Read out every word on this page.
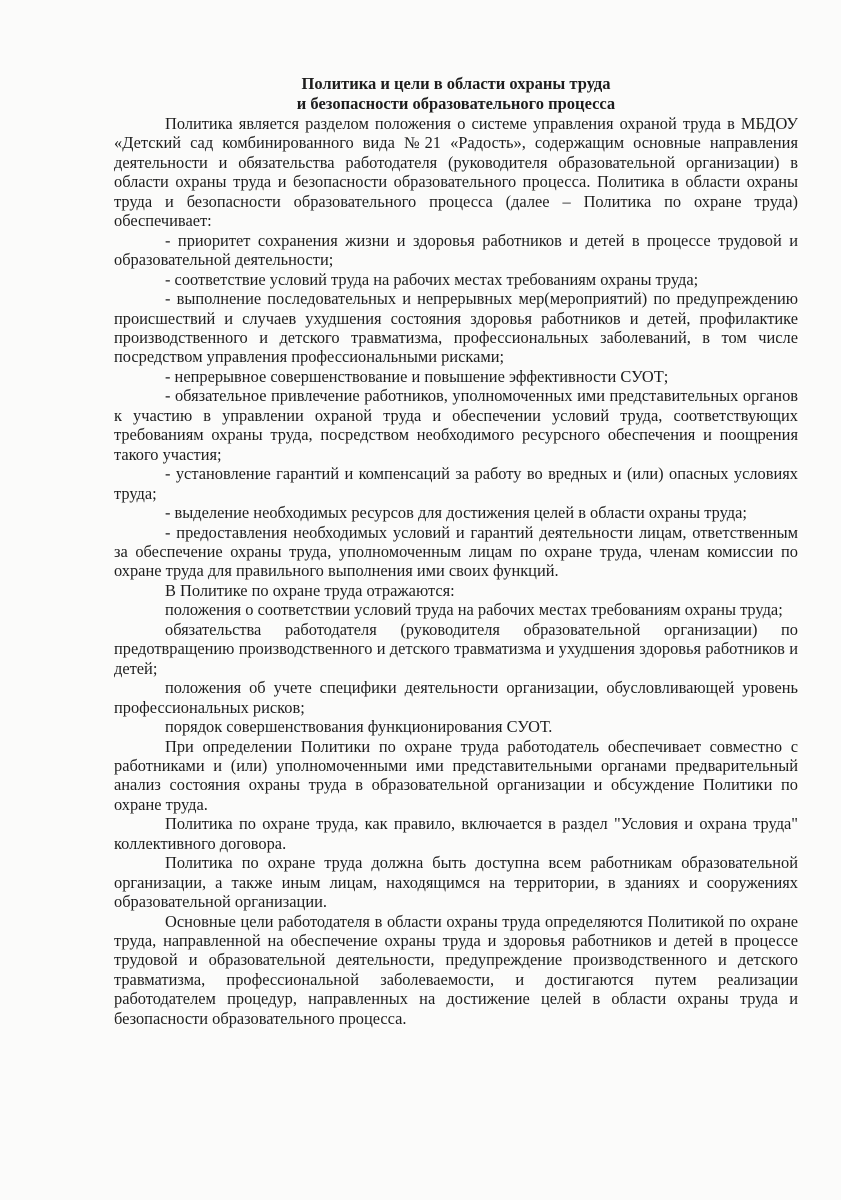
Политика и цели в области охраны труда
и безопасности образовательного процесса

Политика является разделом положения о системе управления охраной труда в МБДОУ «Детский сад комбинированного вида №21 «Радость», содержащим основные направления деятельности и обязательства работодателя (руководителя образовательной организации) в области охраны труда и безопасности образовательного процесса. Политика в области охраны труда и безопасности образовательного процесса (далее – Политика по охране труда) обеспечивает:

- приоритет сохранения жизни и здоровья работников и детей в процессе трудовой и образовательной деятельности;

- соответствие условий труда на рабочих местах требованиям охраны труда;

- выполнение последовательных и непрерывных мер(мероприятий) по предупреждению происшествий и случаев ухудшения состояния здоровья работников и детей, профилактике производственного и детского травматизма, профессиональных заболеваний, в том числе посредством управления профессиональными рисками;

- непрерывное совершенствование и повышение эффективности СУОТ;

- обязательное привлечение работников, уполномоченных ими представительных органов к участию в управлении охраной труда и обеспечении условий труда, соответствующих требованиям охраны труда, посредством необходимого ресурсного обеспечения и поощрения такого участия;

- установление гарантий и компенсаций за работу во вредных и (или) опасных условиях труда;

- выделение необходимых ресурсов для достижения целей в области охраны труда;

- предоставления необходимых условий и гарантий деятельности лицам, ответственным за обеспечение охраны труда, уполномоченным лицам по охране труда, членам комиссии по охране труда для правильного выполнения ими своих функций.

В Политике по охране труда отражаются:

положения о соответствии условий труда на рабочих местах требованиям охраны труда;

обязательства работодателя (руководителя образовательной организации) по предотвращению производственного и детского травматизма и ухудшения здоровья работников и детей;

положения об учете специфики деятельности организации, обусловливающей уровень профессиональных рисков;

порядок совершенствования функционирования СУОТ.

При определении Политики по охране труда работодатель обеспечивает совместно с работниками и (или) уполномоченными ими представительными органами предварительный анализ состояния охраны труда в образовательной организации и обсуждение Политики по охране труда.

Политика по охране труда, как правило, включается в раздел "Условия и охрана труда" коллективного договора.

Политика по охране труда должна быть доступна всем работникам образовательной организации, а также иным лицам, находящимся на территории, в зданиях и сооружениях образовательной организации.

Основные цели работодателя в области охраны труда определяются Политикой по охране труда, направленной на обеспечение охраны труда и здоровья работников и детей в процессе трудовой и образовательной деятельности, предупреждение производственного и детского травматизма, профессиональной заболеваемости, и достигаются путем реализации работодателем процедур, направленных на достижение целей в области охраны труда и безопасности образовательного процесса.
